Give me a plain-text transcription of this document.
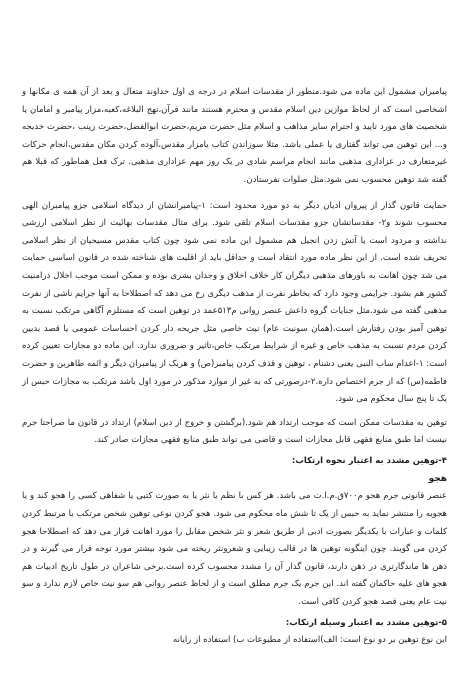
پیامبران مشمول این ماده می شود.منظور از مقدسات اسلام در درجه ی اول خداوند متعال و بعد از آن همه ی مکانها و اشخاصی است که از لحاظ موازین دین اسلام مقدس و محترم هستند مانند قرآن،نهج البلاغه،کعبه،مزار پیامبر و امامان یا شخصیت های مورد تایید و احترام سایر مذاهب و اسلام مثل حضرت مریم،حضرت ابوالفضل،حضرت زینب ،حضرت خدیجه و... این توهین می تواند گفتاری یا عملی باشد. مثلا سوزاندن کتاب یامزار مقدس،آلوده کردن مکان مقدس،انجام حرکات غیرمتعارف در عزاداری مذهبی مانند انجام مراسم شادی در یک روز مهم عزاداری مذهبی. ترک فعل هماطور که قبلا هم گفته شد توهین محسوب نمی شود.مثل صلوات نفرستادن.

حمایت قانون گذار از پیروان ادیان دیگر به دو مورد محدود است: ۱-پیامبرانشان از دیدگاه اسلامی جزو پیامبران الهی محسوب شوند و۲- مقدساتشان جزو مقدسات اسلام تلقی شود. برای مثال مقدسات بهائیت از نظر اسلامی ارزشی نداشته و مردود است یا آتش زدن انجیل هم مشمول این ماده نمی شود چون کتاب مقدس مسیحیان از نظر اسلامی تحریف شده است. از این نظر ماده مورد انتقاد است و حداقل باید از اقلیت های شناخته شده در قانون اساسی حمایت می شد چون اهانت به باورهای مذهبی دیگران کار خلاف اخلاق و وجدان بشری بوده و ممکن است موجب اخلال درامنیت کشور هم بشود. جرایمی وجود دارد که بخاطر نفرت از مذهب دیگری رخ می دهد که اصطلاحا به آنها جرایم ناشی از نفرت مذهبی گفته می شود.مثل جنایات گروه داعش عنصر روانی م۵۱۳عمد در توهین است که مستلزم آگاهی مرتکب نسبت به توهین آمیز بودن رفتارش است.(همان سونیت عام) نیت خاصی مثل جریحه دار کردن احساسات عمومی یا قصد بدبین کردن مردم نسبت به مذهب خاص و غیره از شرایط مرتکب خاص،تاثیر و ضروری ندارد. این ماده دو مجازات تعیین کرده است: ۱-اعدام ساب النبی یعنی دشنام ، توهین و قذف کردن پیامبر(ص) و هریک از پیامبران دیگر و ائمه طاهرین و حضرت فاطمه(س) که از جرم اختصاص داره.۲-درصورتی که به غیر از موارد مذکور در مورد اول باشد مرتکب به مجازات حبس از یک تا پنج سال محکوم می شود.

توهین به مقدسات ممکن است که موجب ارتداد هم شود.(برگشتن و خروج از دین اسلام) ارتداد در قانون ما صراحتا جرم نیست اما طبق منابع فقهی قابل مجازات است و قاضی می تواند طبق منابع فقهی مجازات صادر کند.

۴-توهین مشدد به اعتبار نحوه ارتکاب:

هجو

عنصر قانونی جرم هجو م۷۰۰ق.م.ا.ت می باشد. هر کس با نظم یا نثر یا به صورت کتبی یا شفاهی کسی را هجو کند و یا هجویه را منتشر نماید به حبس از یک تا شش ماه محکوم می شود. هجو کردن نوعی توهین شخص مرتکب با مرتبط کردن کلمات و عبارات با یکدیگر بصورت ادبی از طریق شعر و نثر شخص مقابل را مورد اهانت قرار می دهد که اصطلاحا هجو کردن می گویند. چون اینگونه توهین ها در قالب زیبایی و شعرونثر ریخته می شود بیشتر مورد توجه قرار می گیرند و در ذهن ها ماندگارتری در ذهن دارند، قانون گذار آن را مشدد محسوب کرده است.برخی شاعران در طول تاریخ ادبیات هم هجو های علیه حاکمان گفته اند. این جرم یک جرم مطلق است و از لحاظ عنصر روانی هم سو نیت خاص لازم ندارد و سو نیت عام یعنی قصد هجو کردن کافی است.

۵-توهین مشدد به اعتبار وسیله ارتکاب:

این نوع توهین بر دو نوع است: الف)استفاده از مطبوعات ب) استفاده از رایانه
